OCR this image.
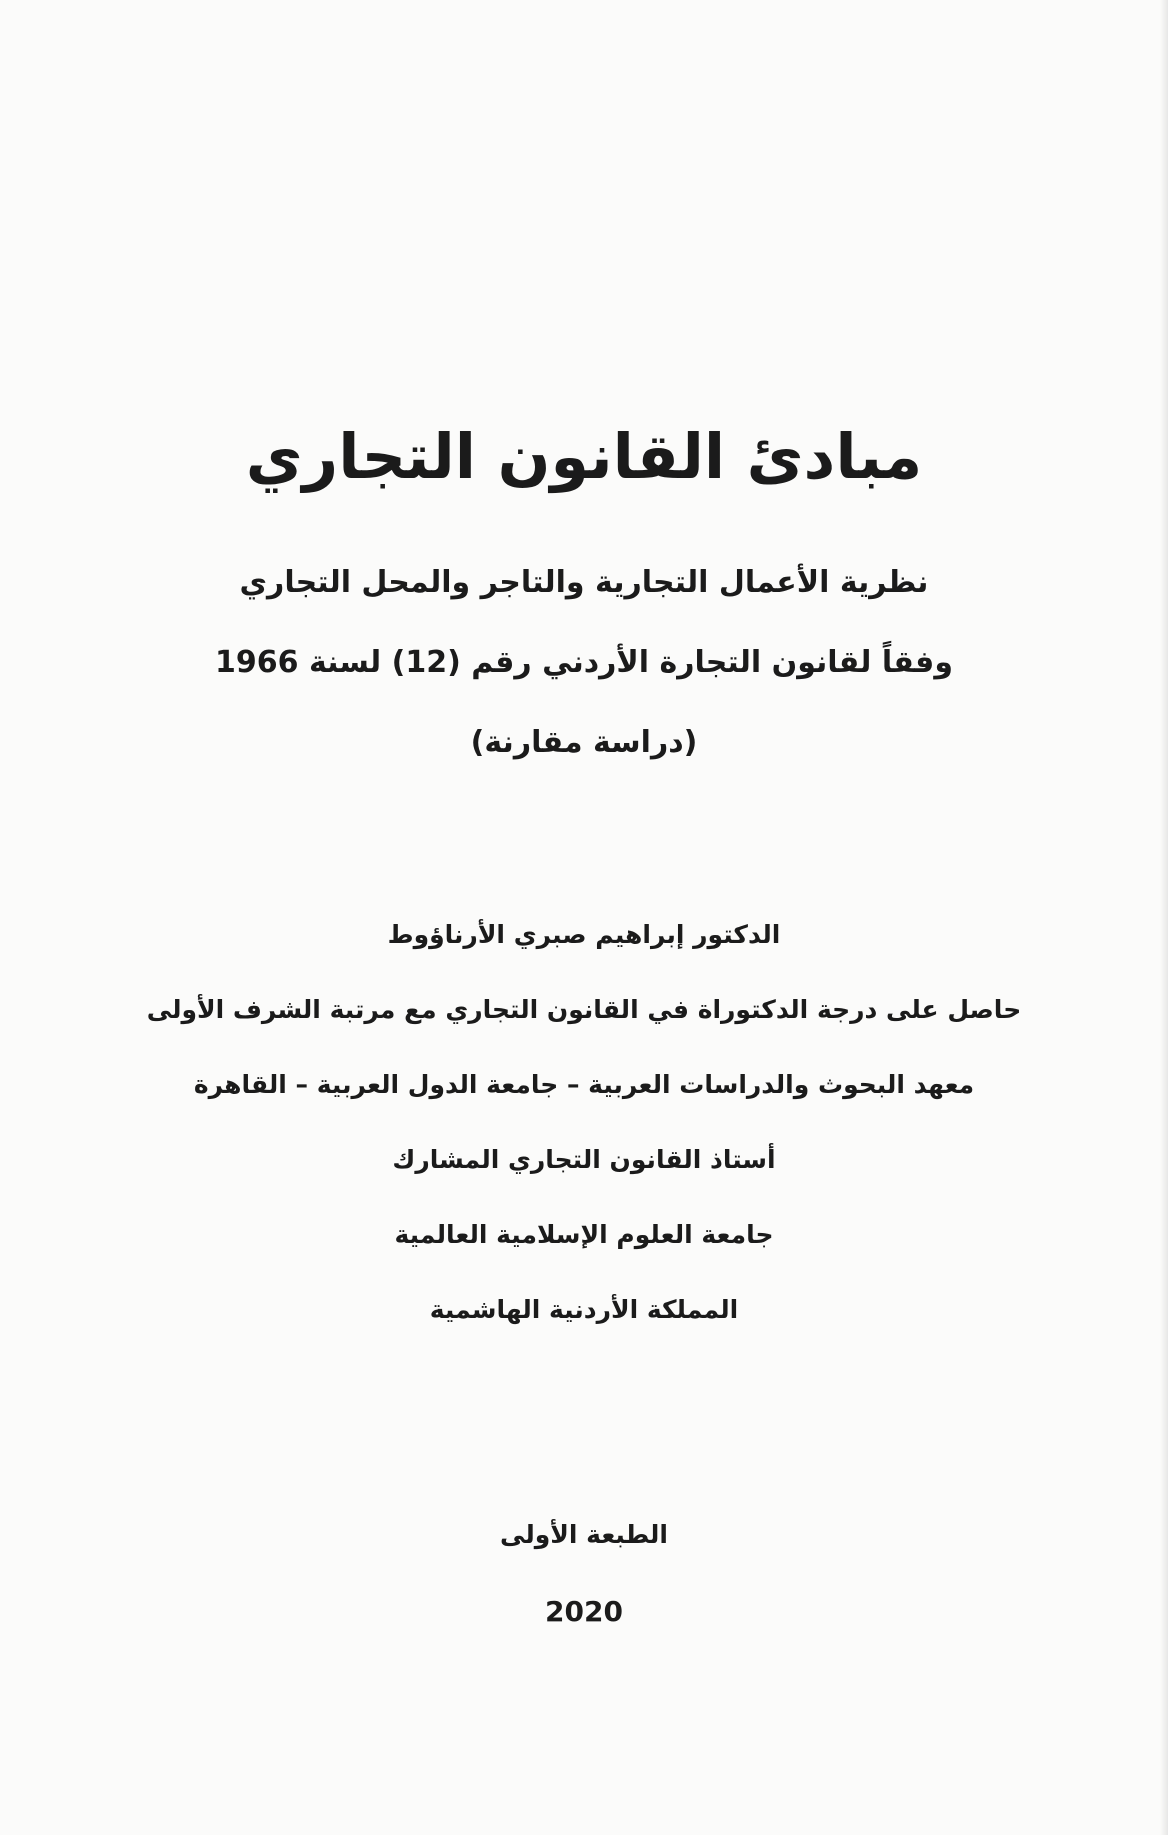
مبادئ القانون التجاري
نظرية الأعمال التجارية والتاجر والمحل التجاري
وفقاً لقانون التجارة الأردني رقم (12) لسنة 1966
(دراسة مقارنة)
الدكتور إبراهيم صبري الأرناؤوط
حاصل على درجة الدكتوراة في القانون التجاري مع مرتبة الشرف الأولى
معهد البحوث والدراسات العربية – جامعة الدول العربية – القاهرة
أستاذ القانون التجاري المشارك
جامعة العلوم الإسلامية العالمية
المملكة الأردنية الهاشمية
الطبعة الأولى
2020
